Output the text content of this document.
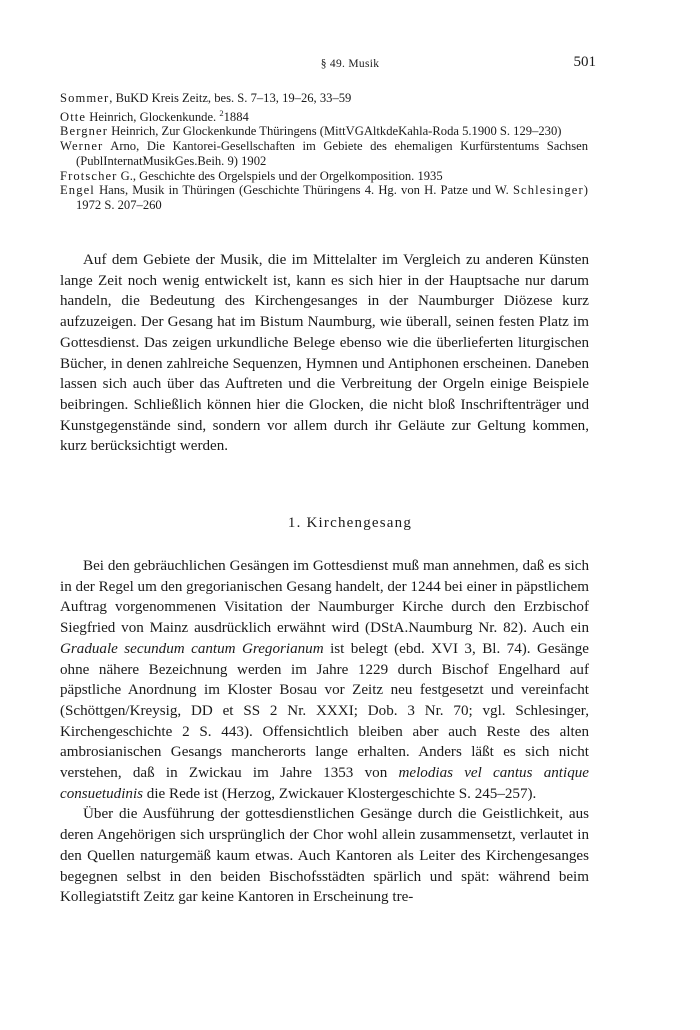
§ 49. Musik	501
Sommer, BuKD Kreis Zeitz, bes. S. 7–13, 19–26, 33–59
Otte Heinrich, Glockenkunde. $^2$1884
Bergner Heinrich, Zur Glockenkunde Thüringens (MittVGAltkdeKahla-Roda 5.1900 S. 129–230)
Werner Arno, Die Kantorei-Gesellschaften im Gebiete des ehemaligen Kurfürstentums Sachsen (PublInternatMusikGes.Beih. 9) 1902
Frotscher G., Geschichte des Orgelspiels und der Orgelkomposition. 1935
Engel Hans, Musik in Thüringen (Geschichte Thüringens 4. Hg. von H. Patze und W. Schlesinger) 1972 S. 207–260

Auf dem Gebiete der Musik, die im Mittelalter im Vergleich zu anderen Künsten lange Zeit noch wenig entwickelt ist, kann es sich hier in der Hauptsache nur darum handeln, die Bedeutung des Kirchengesanges in der Naumburger Diözese kurz aufzuzeigen. Der Gesang hat im Bistum Naumburg, wie überall, seinen festen Platz im Gottesdienst. Das zeigen urkundliche Belege ebenso wie die überlieferten liturgischen Bücher, in denen zahlreiche Sequenzen, Hymnen und Antiphonen erscheinen. Daneben lassen sich auch über das Auftreten und die Verbreitung der Orgeln einige Beispiele beibringen. Schließlich können hier die Glocken, die nicht bloß Inschriftenträger und Kunstgegenstände sind, sondern vor allem durch ihr Geläute zur Geltung kommen, kurz berücksichtigt werden.

1. Kirchengesang

Bei den gebräuchlichen Gesängen im Gottesdienst muß man annehmen, daß es sich in der Regel um den gregorianischen Gesang handelt, der 1244 bei einer in päpstlichem Auftrag vorgenommenen Visitation der Naumburger Kirche durch den Erzbischof Siegfried von Mainz ausdrücklich erwähnt wird (DStA.Naumburg Nr. 82). Auch ein Graduale secundum cantum Gregorianum ist belegt (ebd. XVI 3, Bl. 74). Gesänge ohne nähere Bezeichnung werden im Jahre 1229 durch Bischof Engelhard auf päpstliche Anordnung im Kloster Bosau vor Zeitz neu festgesetzt und vereinfacht (Schöttgen/Kreysig, DD et SS 2 Nr. XXXI; Dob. 3 Nr. 70; vgl. Schlesinger, Kirchengeschichte 2 S. 443). Offensichtlich bleiben aber auch Reste des alten ambrosianischen Gesangs mancherorts lange erhalten. Anders läßt es sich nicht verstehen, daß in Zwickau im Jahre 1353 von melodias vel cantus antique consuetudinis die Rede ist (Herzog, Zwickauer Klostergeschichte S. 245–257).

Über die Ausführung der gottesdienstlichen Gesänge durch die Geistlichkeit, aus deren Angehörigen sich ursprünglich der Chor wohl allein zusammensetzt, verlautet in den Quellen naturgemäß kaum etwas. Auch Kantoren als Leiter des Kirchengesanges begegnen selbst in den beiden Bischofsstädten spärlich und spät: während beim Kollegiatstift Zeitz gar keine Kantoren in Erscheinung tre-
